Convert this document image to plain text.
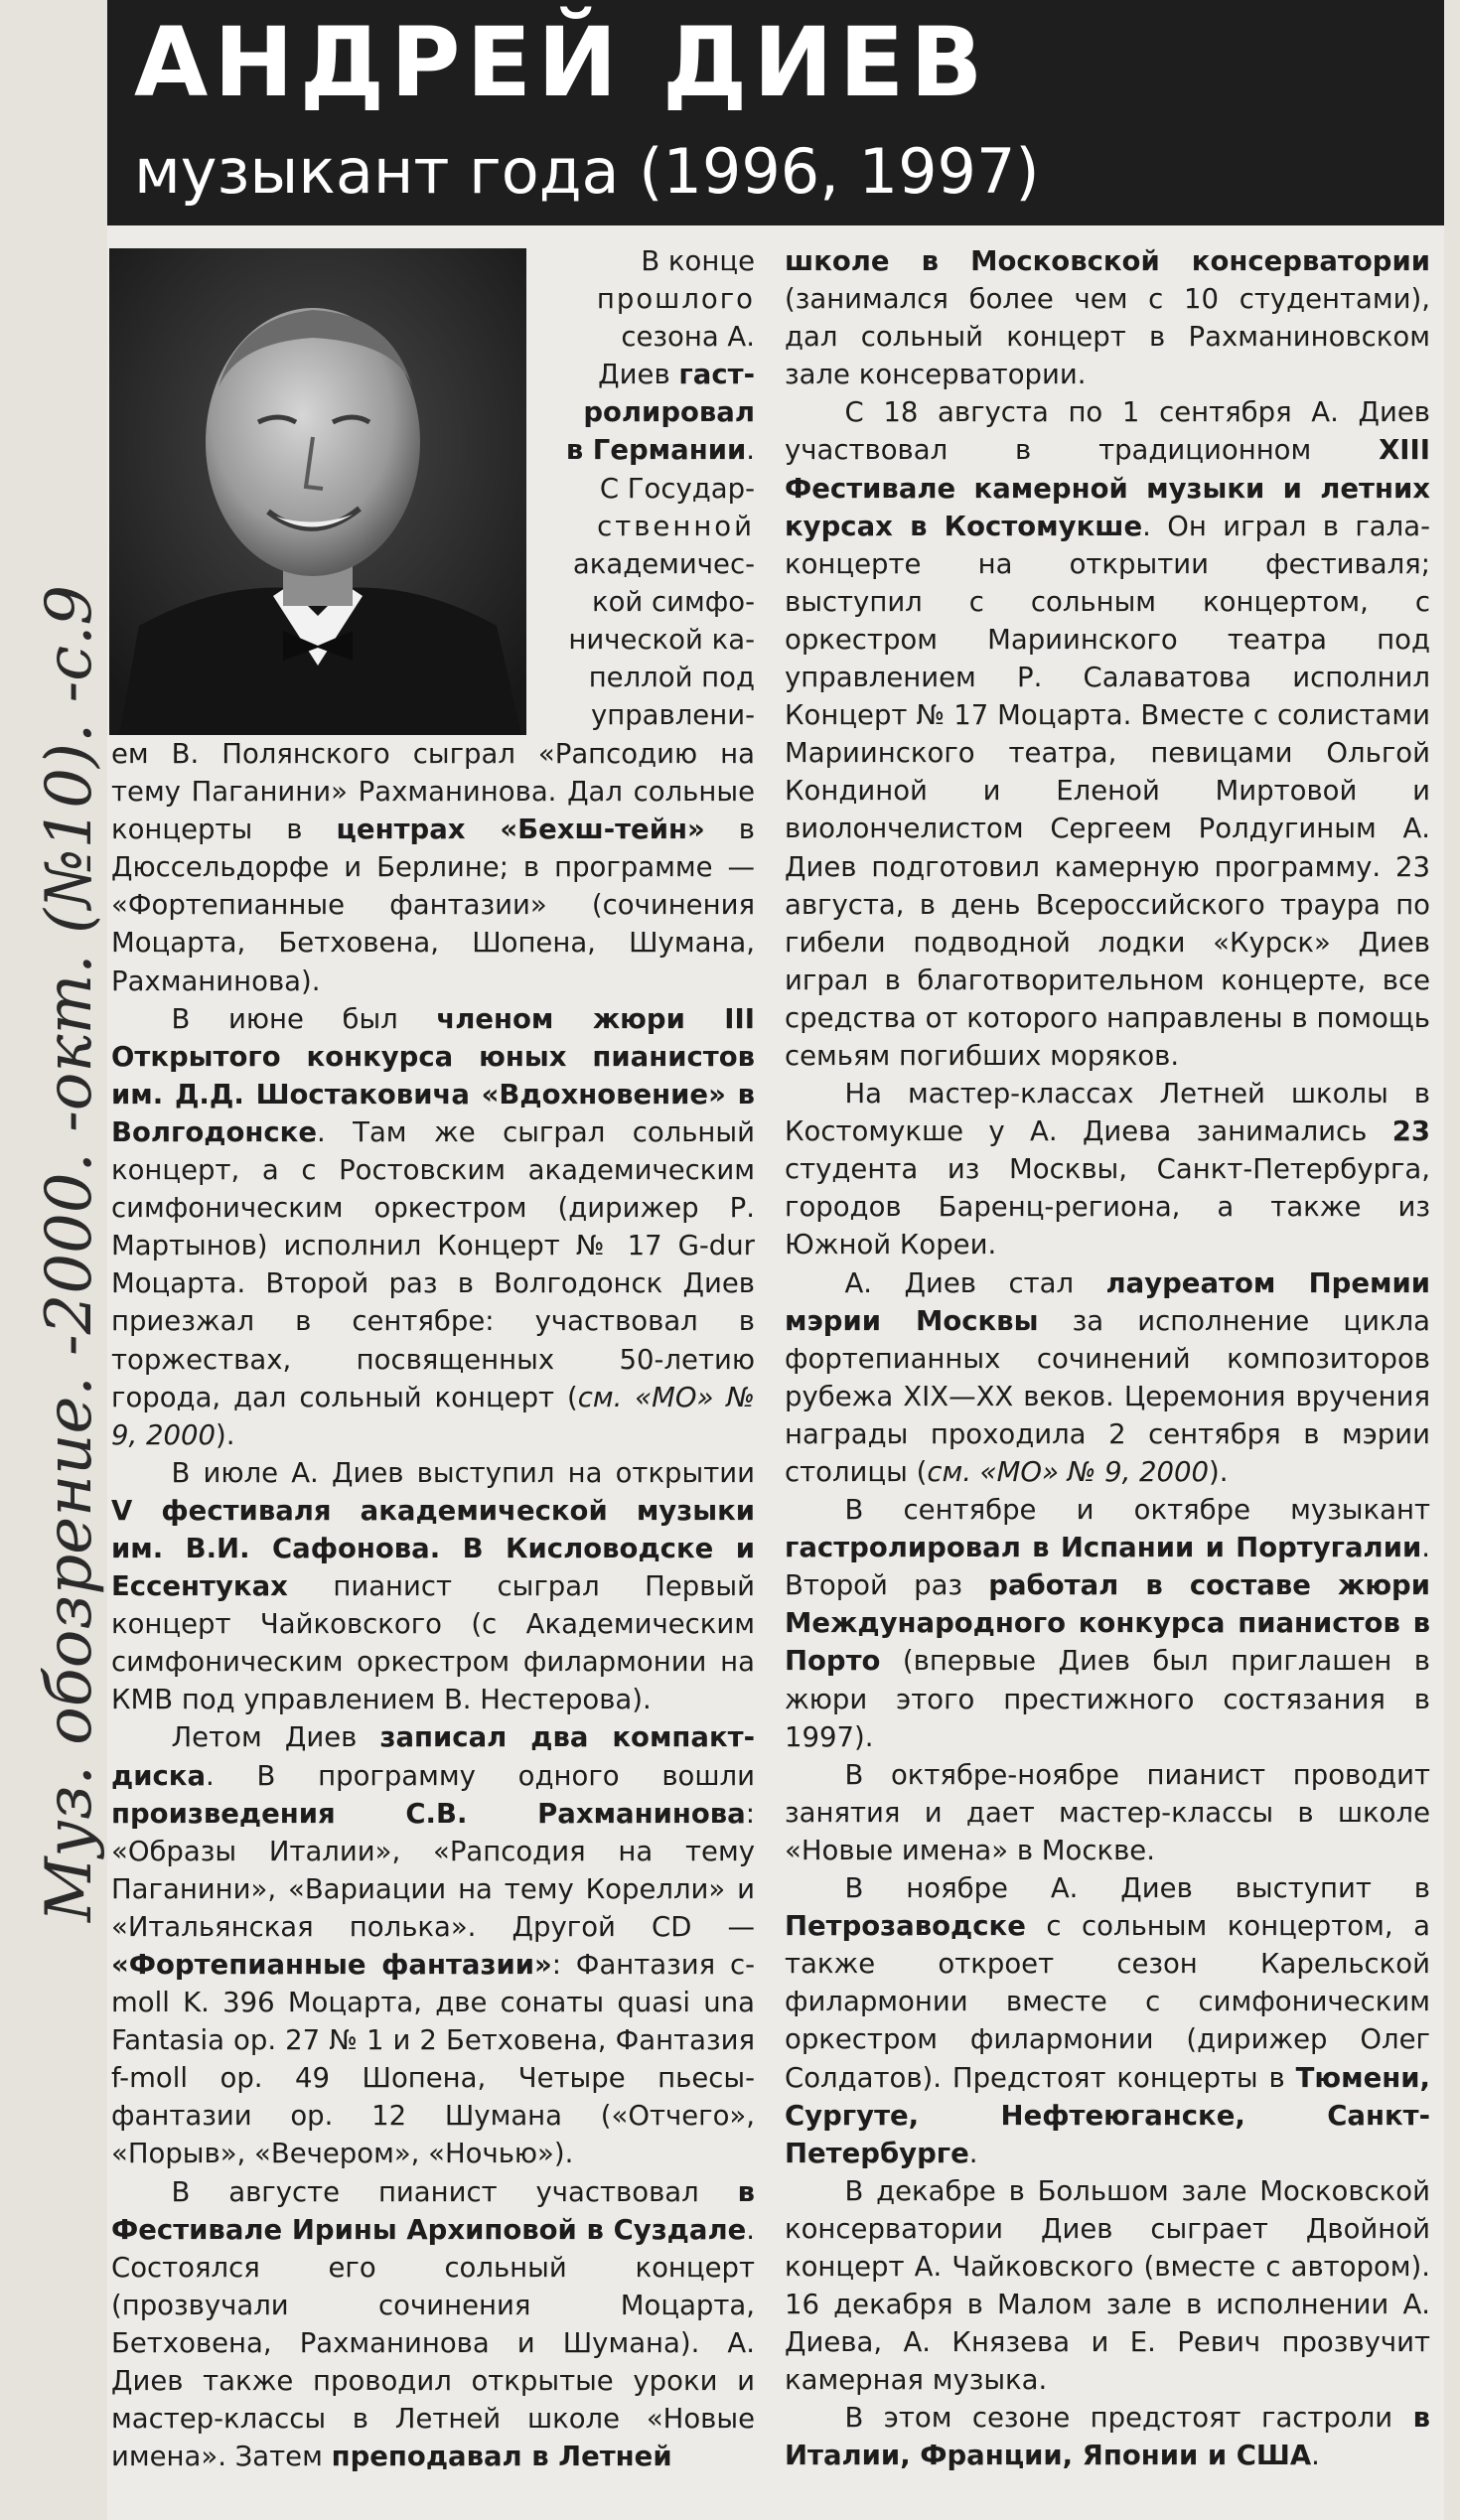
Муз. обозрение. -2000. -окт. (№10). -с.9
АНДРЕЙ ДИЕВ
музыкант года (1996, 1997)

В конце

прошлого

сезона А.

Диев гаст-

ролировал

в Германии. С Государ-

ственной

академичес-

кой симфо-

нической ка-

пеллой под

управлени-

ем В. Полянского сыграл «Рапсодию на тему Паганини» Рахманинова. Дал сольные концерты в центрах «Бехш-тейн» в Дюссельдорфе и Берлине; в программе — «Фортепианные фантазии» (сочинения Моцарта, Бетховена, Шопена, Шумана, Рахманинова).

В июне был членом жюри III Открытого конкурса юных пианистов им. Д.Д. Шостаковича «Вдохновение» в Волгодонске. Там же сыграл сольный концерт, а с Ростовским академическим симфоническим оркестром (дирижер Р. Мартынов) исполнил Концерт № 17 G-dur Моцарта. Второй раз в Волгодонск Диев приезжал в сентябре: участвовал в торжествах, посвященных 50-летию города, дал сольный концерт (см. «МО» № 9, 2000).

В июле А. Диев выступил на открытии V фестиваля академической музыки им. В.И. Сафонова. В Кисловодске и Ессентуках пианист сыграл Первый концерт Чайковского (с Академическим симфоническим оркестром филармонии на КМВ под управлением В. Нестерова).

Летом Диев записал два компакт-диска. В программу одного вошли произведения С.В. Рахманинова: «Образы Италии», «Рапсодия на тему Паганини», «Вариации на тему Корелли» и «Итальянская полька». Другой CD — «Фортепианные фантазии»: Фантазия c-moll K. 396 Моцарта, две сонаты quasi una Fantasia op. 27 № 1 и 2 Бетховена, Фантазия f-moll op. 49 Шопена, Четыре пьесы-фантазии op. 12 Шумана («Отчего», «Порыв», «Вечером», «Ночью»).

В августе пианист участвовал в Фестивале Ирины Архиповой в Суздале. Состоялся его сольный концерт (прозвучали сочинения Моцарта, Бетховена, Рахманинова и Шумана). А. Диев также проводил открытые уроки и мастер-классы в Летней школе «Новые имена». Затем преподавал в Летней

школе в Московской консерватории (занимался более чем с 10 студентами), дал сольный концерт в Рахманиновском зале консерватории.

С 18 августа по 1 сентября А. Диев участвовал в традиционном XIII Фестивале камерной музыки и летних курсах в Костомукше. Он играл в гала-концерте на открытии фестиваля; выступил с сольным концертом, с оркестром Мариинского театра под управлением Р. Салаватова исполнил Концерт № 17 Моцарта. Вместе с солистами Мариинского театра, певицами Ольгой Кондиной и Еленой Миртовой и виолончелистом Сергеем Ролдугиным А. Диев подготовил камерную программу. 23 августа, в день Всероссийского траура по гибели подводной лодки «Курск» Диев играл в благотворительном концерте, все средства от которого направлены в помощь семьям погибших моряков.

На мастер-классах Летней школы в Костомукше у А. Диева занимались 23 студента из Москвы, Санкт-Петербурга, городов Баренц-региона, а также из Южной Кореи.

А. Диев стал лауреатом Премии мэрии Москвы за исполнение цикла фортепианных сочинений композиторов рубежа XIX—XX веков. Церемония вручения награды проходила 2 сентября в мэрии столицы (см. «МО» № 9, 2000).

В сентябре и октябре музыкант гастролировал в Испании и Португалии. Второй раз работал в составе жюри Международного конкурса пианистов в Порто (впервые Диев был приглашен в жюри этого престижного состязания в 1997).

В октябре-ноябре пианист проводит занятия и дает мастер-классы в школе «Новые имена» в Москве.

В ноябре А. Диев выступит в Петрозаводске с сольным концертом, а также откроет сезон Карельской филармонии вместе с симфоническим оркестром филармонии (дирижер Олег Солдатов). Предстоят концерты в Тюмени, Сургуте, Нефтеюганске, Санкт-Петербурге.

В декабре в Большом зале Московской консерватории Диев сыграет Двойной концерт А. Чайковского (вместе с автором). 16 декабря в Малом зале в исполнении А. Диева, А. Князева и Е. Ревич прозвучит камерная музыка.

В этом сезоне предстоят гастроли в Италии, Франции, Японии и США.
